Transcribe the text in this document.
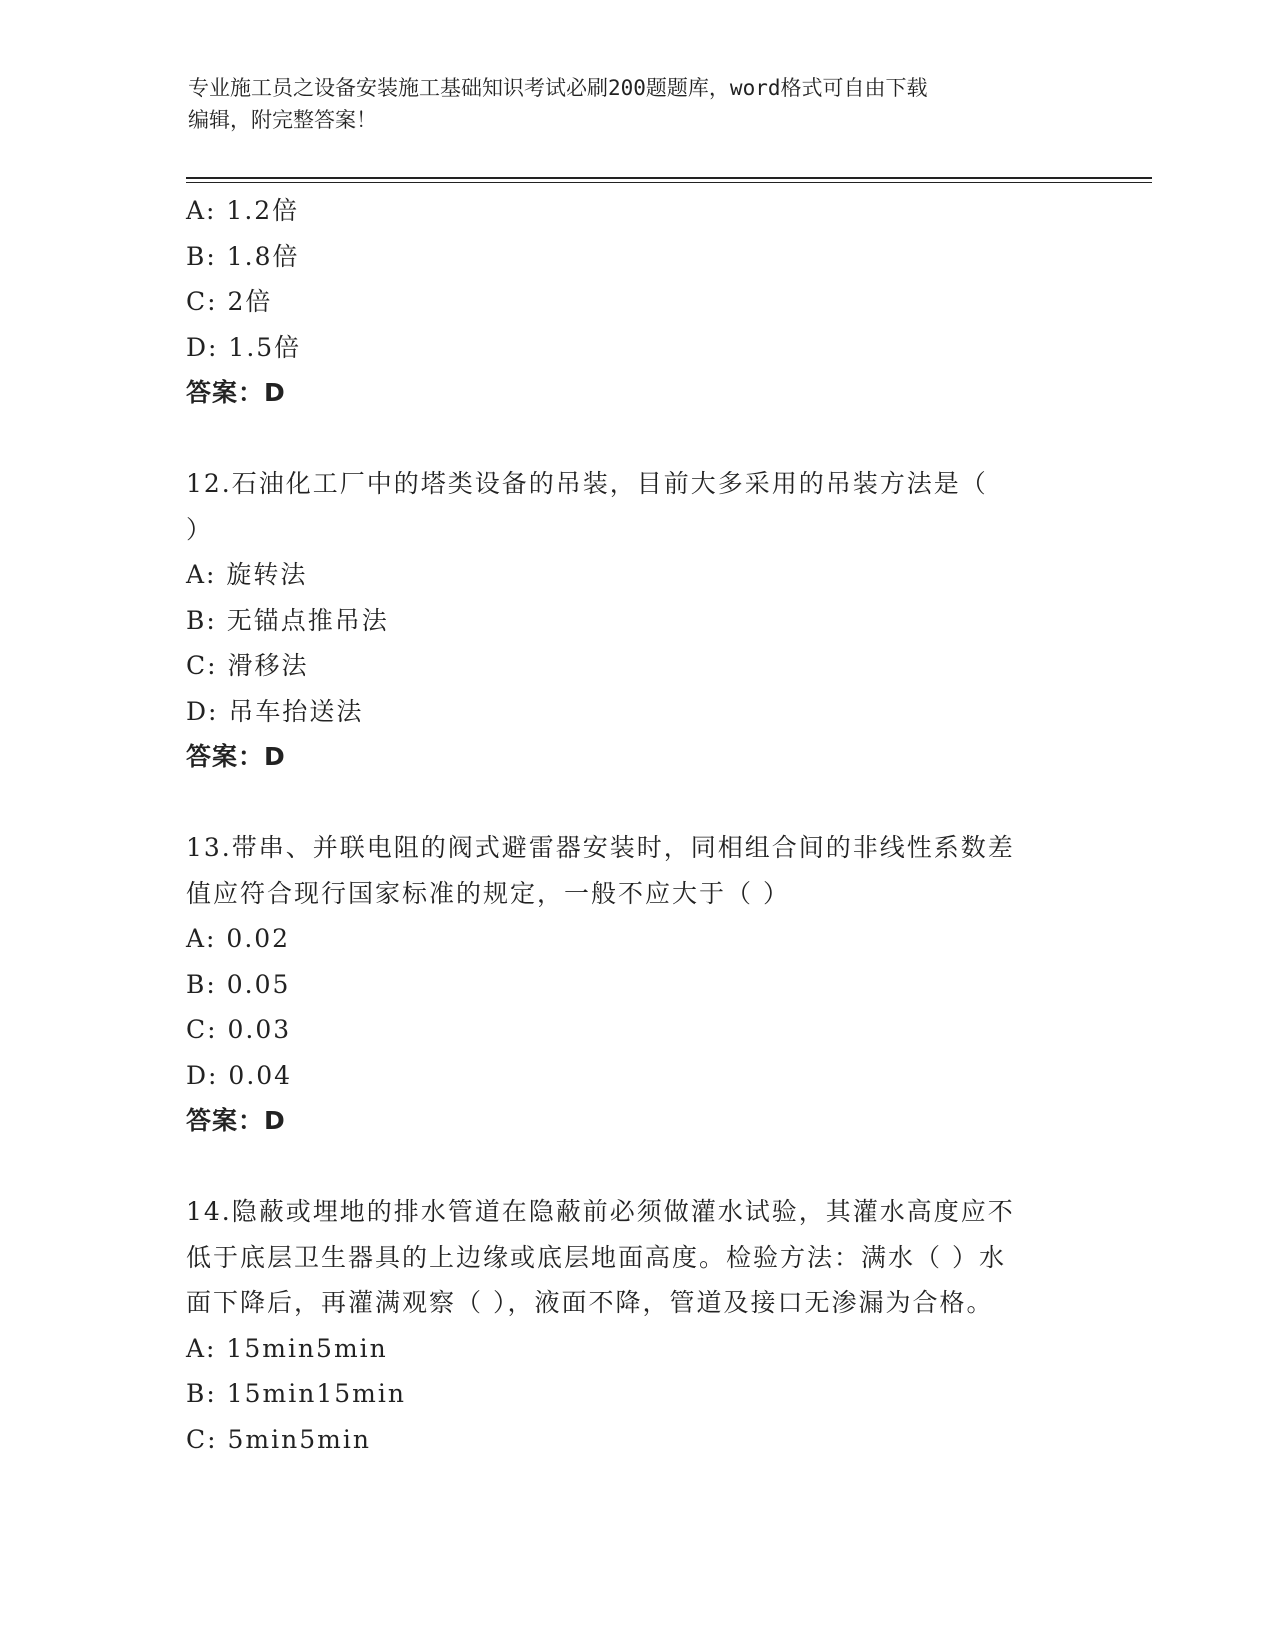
专业施工员之设备安装施工基础知识考试必刷200题题库，word格式可自由下载
编辑，附完整答案！
A: 1.2倍
B: 1.8倍
C: 2倍
D: 1.5倍
答案：D
12.石油化工厂中的塔类设备的吊装，目前大多采用的吊装方法是（
）
A: 旋转法
B: 无锚点推吊法
C: 滑移法
D: 吊车抬送法
答案：D
13.带串、并联电阻的阀式避雷器安装时，同相组合间的非线性系数差
值应符合现行国家标准的规定，一般不应大于（ ）
A: 0.02
B: 0.05
C: 0.03
D: 0.04
答案：D
14.隐蔽或埋地的排水管道在隐蔽前必须做灌水试验，其灌水高度应不
低于底层卫生器具的上边缘或底层地面高度。检验方法：满水（ ）水
面下降后，再灌满观察（ ），液面不降，管道及接口无渗漏为合格。
A: 15min5min
B: 15min15min
C: 5min5min
